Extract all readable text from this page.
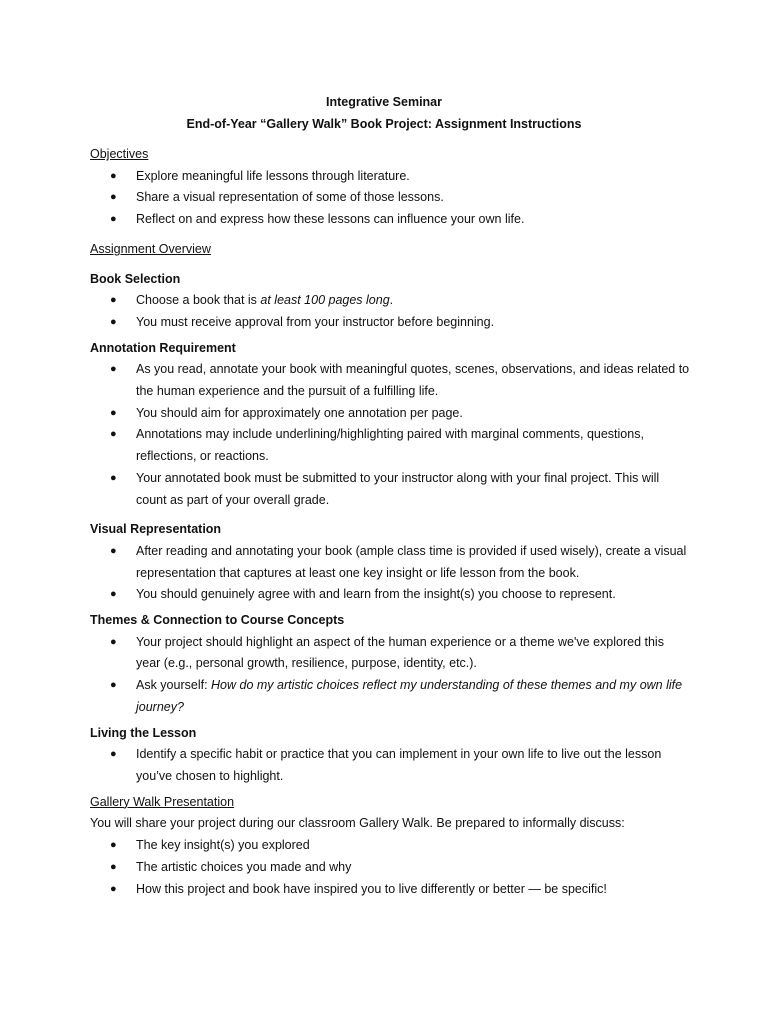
Integrative Seminar
End-of-Year “Gallery Walk” Book Project: Assignment Instructions
Objectives
● Explore meaningful life lessons through literature.
● Share a visual representation of some of those lessons.
● Reflect on and express how these lessons can influence your own life.
Assignment Overview
Book Selection
● Choose a book that is at least 100 pages long.
● You must receive approval from your instructor before beginning.
Annotation Requirement
● As you read, annotate your book with meaningful quotes, scenes, observations, and ideas related to the human experience and the pursuit of a fulfilling life.
● You should aim for approximately one annotation per page.
● Annotations may include underlining/highlighting paired with marginal comments, questions, reflections, or reactions.
● Your annotated book must be submitted to your instructor along with your final project. This will count as part of your overall grade.
Visual Representation
● After reading and annotating your book (ample class time is provided if used wisely), create a visual representation that captures at least one key insight or life lesson from the book.
● You should genuinely agree with and learn from the insight(s) you choose to represent.
Themes & Connection to Course Concepts
● Your project should highlight an aspect of the human experience or a theme we've explored this year (e.g., personal growth, resilience, purpose, identity, etc.).
● Ask yourself: How do my artistic choices reflect my understanding of these themes and my own life journey?
Living the Lesson
● Identify a specific habit or practice that you can implement in your own life to live out the lesson you’ve chosen to highlight.
Gallery Walk Presentation

You will share your project during our classroom Gallery Walk. Be prepared to informally discuss:

● The key insight(s) you explored
● The artistic choices you made and why
● How this project and book have inspired you to live differently or better — be specific!
